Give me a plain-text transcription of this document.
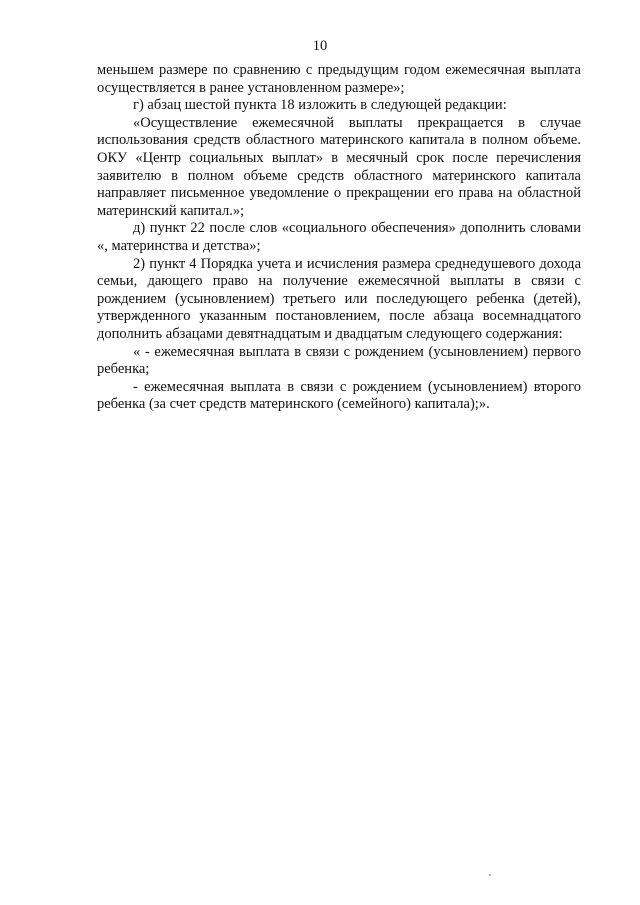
10

меньшем размере по сравнению с предыдущим годом ежемесячная выплата осуществляется в ранее установленном размере»;

г) абзац шестой пункта 18 изложить в следующей редакции:

«Осуществление ежемесячной выплаты прекращается в случае использования средств областного материнского капитала в полном объеме. ОКУ «Центр социальных выплат» в месячный срок после перечисления заявителю в полном объеме средств областного материнского капитала направляет письменное уведомление о прекращении его права на областной материнский капитал.»;

д) пункт 22 после слов «социального обеспечения» дополнить словами «, материнства и детства»;

2) пункт 4 Порядка учета и исчисления размера среднедушевого дохода семьи, дающего право на получение ежемесячной выплаты в связи с рождением (усыновлением) третьего или последующего ребенка (детей), утвержденного указанным постановлением, после абзаца восемнадцатого дополнить абзацами девятнадцатым и двадцатым следующего содержания:

« - ежемесячная выплата в связи с рождением (усыновлением) первого ребенка;

- ежемесячная выплата в связи с рождением (усыновлением) второго ребенка (за счет средств материнского (семейного) капитала);».
